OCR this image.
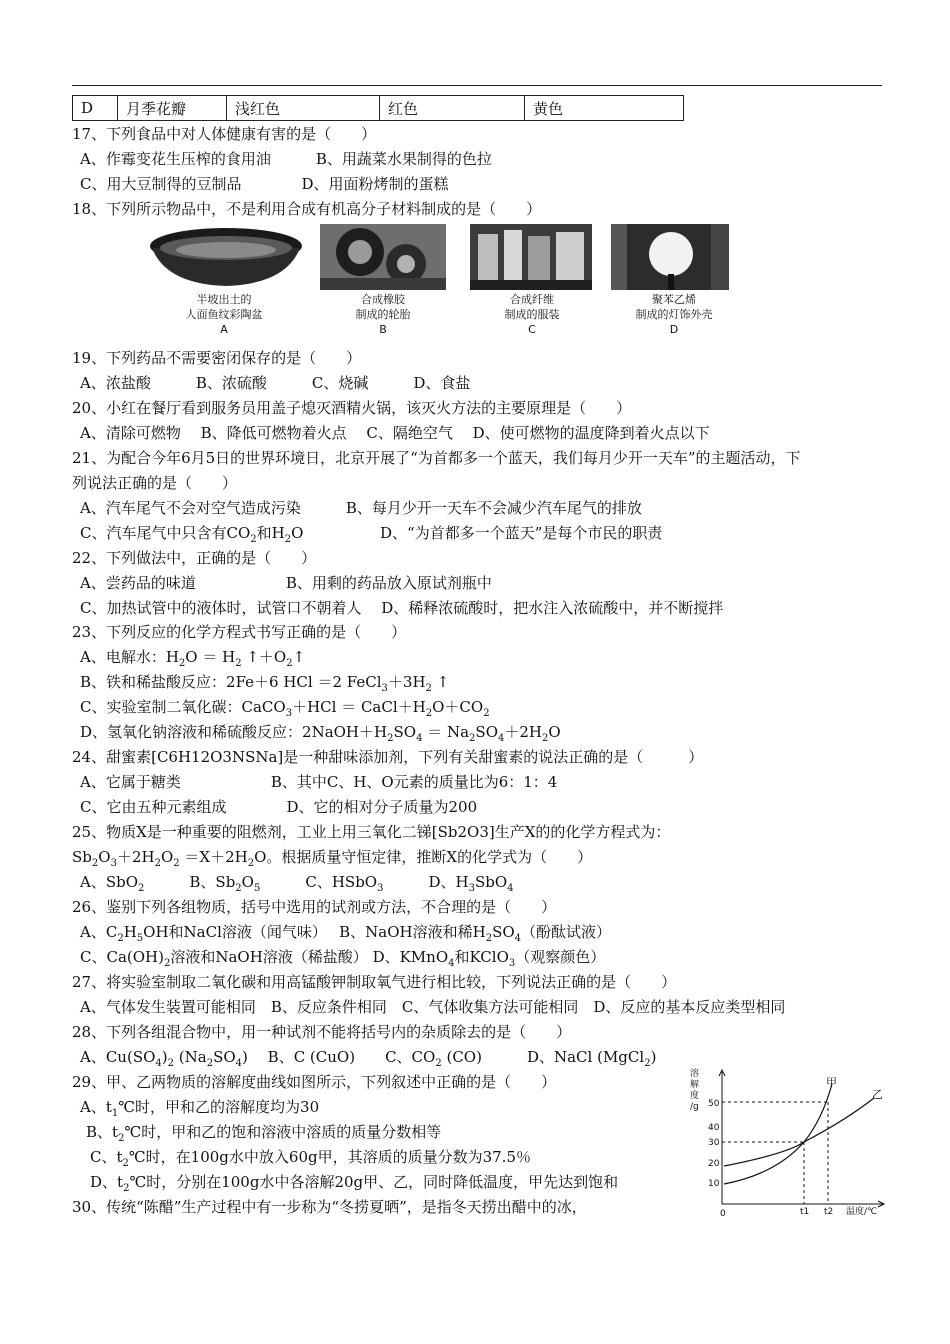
D	月季花瓣	浅红色	红色	黄色
17、下列食品中对人体健康有害的是（　　）
A、作霉变花生压榨的食用油　　　B、用蔬菜水果制得的色拉
C、用大豆制得的豆制品　　　　D、用面粉烤制的蛋糕
18、下列所示物品中，不是利用合成有机高分子材料制成的是（　　）
半坡出土的
人面鱼纹彩陶盆
A
合成橡胶
制成的轮胎
B
合成纤维
制成的服装
C
聚苯乙烯
制成的灯饰外壳
D
19、下列药品不需要密闭保存的是（　　）
A、浓盐酸　　　B、浓硫酸　　　C、烧碱　　　D、食盐
20、小红在餐厅看到服务员用盖子熄灭酒精火锅，该灭火方法的主要原理是（　　）
A、清除可燃物　 B、降低可燃物着火点　 C、隔绝空气　 D、使可燃物的温度降到着火点以下
21、为配合今年6月5日的世界环境日，北京开展了“为首都多一个蓝天，我们每月少开一天车”的主题活动，下
列说法正确的是（　　）
A、汽车尾气不会对空气造成污染　　　B、每月少开一天车不会减少汽车尾气的排放
C、汽车尾气中只含有$CO_2$和$H_2O$	D、“为首都多一个蓝天”是每个市民的职责
22、下列做法中，正确的是（　　）
A、尝药品的味道　　　　　　B、用剩的药品放入原试剂瓶中
C、加热试管中的液体时，试管口不朝着人　 D、稀释浓硫酸时，把水注入浓硫酸中，并不断搅拌
23、下列反应的化学方程式书写正确的是（　　）
A、电解水：$H_2O = H_2$ $↑+O_2↑$
B、铁和稀盐酸反应：2Fe＋6 HCl ＝2 $FeCl_3+3H_2$ ↑
C、实验室制二氧化碳：CaCO$_3$＋HCl ＝ $CaCl+H_2O+CO_2$
D、氢氧化钠溶液和稀硫酸反应：$2NaOH+H_2SO_4 = Na_2SO_4+2H_2O$
24、甜蜜素[C6H12O3NSNa]是一种甜味添加剂，下列有关甜蜜素的说法正确的是（　　　）
A、它属于糖类　　　　　　B、其中C、H、O元素的质量比为6：1：4
C、它由五种元素组成　　　　D、它的相对分子质量为200
25、物质X是一种重要的阻燃剂，工业上用三氧化二锑[Sb2O3]生产X的的化学方程式为：
$Sb_2O_3+2H_2O_2 =X+2H_2O$。根据质量守恒定律，推断X的化学式为（　　）
A、SbO$_2$　　　B、$Sb_2O_5$　　　C、HSbO$_3$　　　D、$H_3SbO_4$
26、鉴别下列各组物质，括号中选用的试剂或方法，不合理的是（　　）
A、$C_2H_5OH$和NaCl溶液（闻气味）　 B、NaOH溶液和稀$H_2SO_4$（酚酞试液）
C、$Ca(OH)_2$溶液和NaOH溶液（稀盐酸） D、KMnO$_4$和KClO$_3$（观察颜色）
27、将实验室制取二氧化碳和用高锰酸钾制取氧气进行相比较，下列说法正确的是（　　）
A、气体发生装置可能相同　B、反应条件相同　C、气体收集方法可能相同　D、反应的基本反应类型相同
28、下列各组混合物中，用一种试剂不能将括号内的杂质除去的是（　　）
A、$Cu(SO_4)_2$ $(Na_2SO_4)$　 B、C (CuO)　　C、$CO_2$ (CO)　　　D、NaCl (MgCl$_2$)
29、甲、乙两物质的溶解度曲线如图所示，下列叙述中正确的是（　　）
A、$t_1℃$时，甲和乙的溶解度均为30
B、$t_2℃$时，甲和乙的饱和溶液中溶质的质量分数相等
C、$t_2℃$时，在100g水中放入60g甲，其溶质的质量分数为37.5％
D、$t_2℃$时，分别在100g水中各溶解20g甲、乙，同时降低温度，甲先达到饱和
30、传统“陈醋”生产过程中有一步称为“冬捞夏晒”，是指冬天捞出醋中的冰，
溶
解
度
/g 50
40
30
20
10
0	t1 t2 温度/℃
甲
乙
